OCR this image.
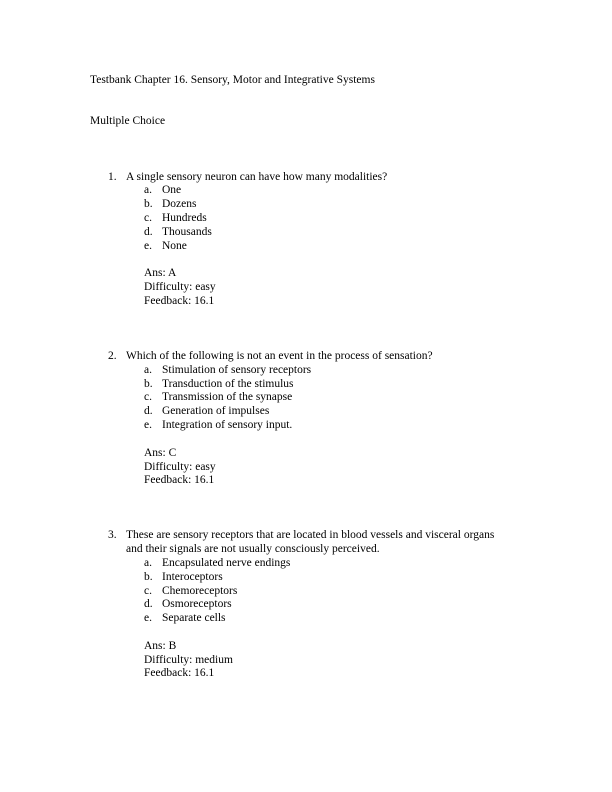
Testbank Chapter 16. Sensory, Motor and Integrative Systems
Multiple Choice
1. A single sensory neuron can have how many modalities?
a. One
b. Dozens
c. Hundreds
d. Thousands
e. None
Ans: A
Difficulty: easy
Feedback: 16.1
2. Which of the following is not an event in the process of sensation?
a. Stimulation of sensory receptors
b. Transduction of the stimulus
c. Transmission of the synapse
d. Generation of impulses
e. Integration of sensory input.
Ans: C
Difficulty: easy
Feedback: 16.1
3. These are sensory receptors that are located in blood vessels and visceral organs
and their signals are not usually consciously perceived.
a. Encapsulated nerve endings
b. Interoceptors
c. Chemoreceptors
d. Osmoreceptors
e. Separate cells
Ans: B
Difficulty: medium
Feedback: 16.1
